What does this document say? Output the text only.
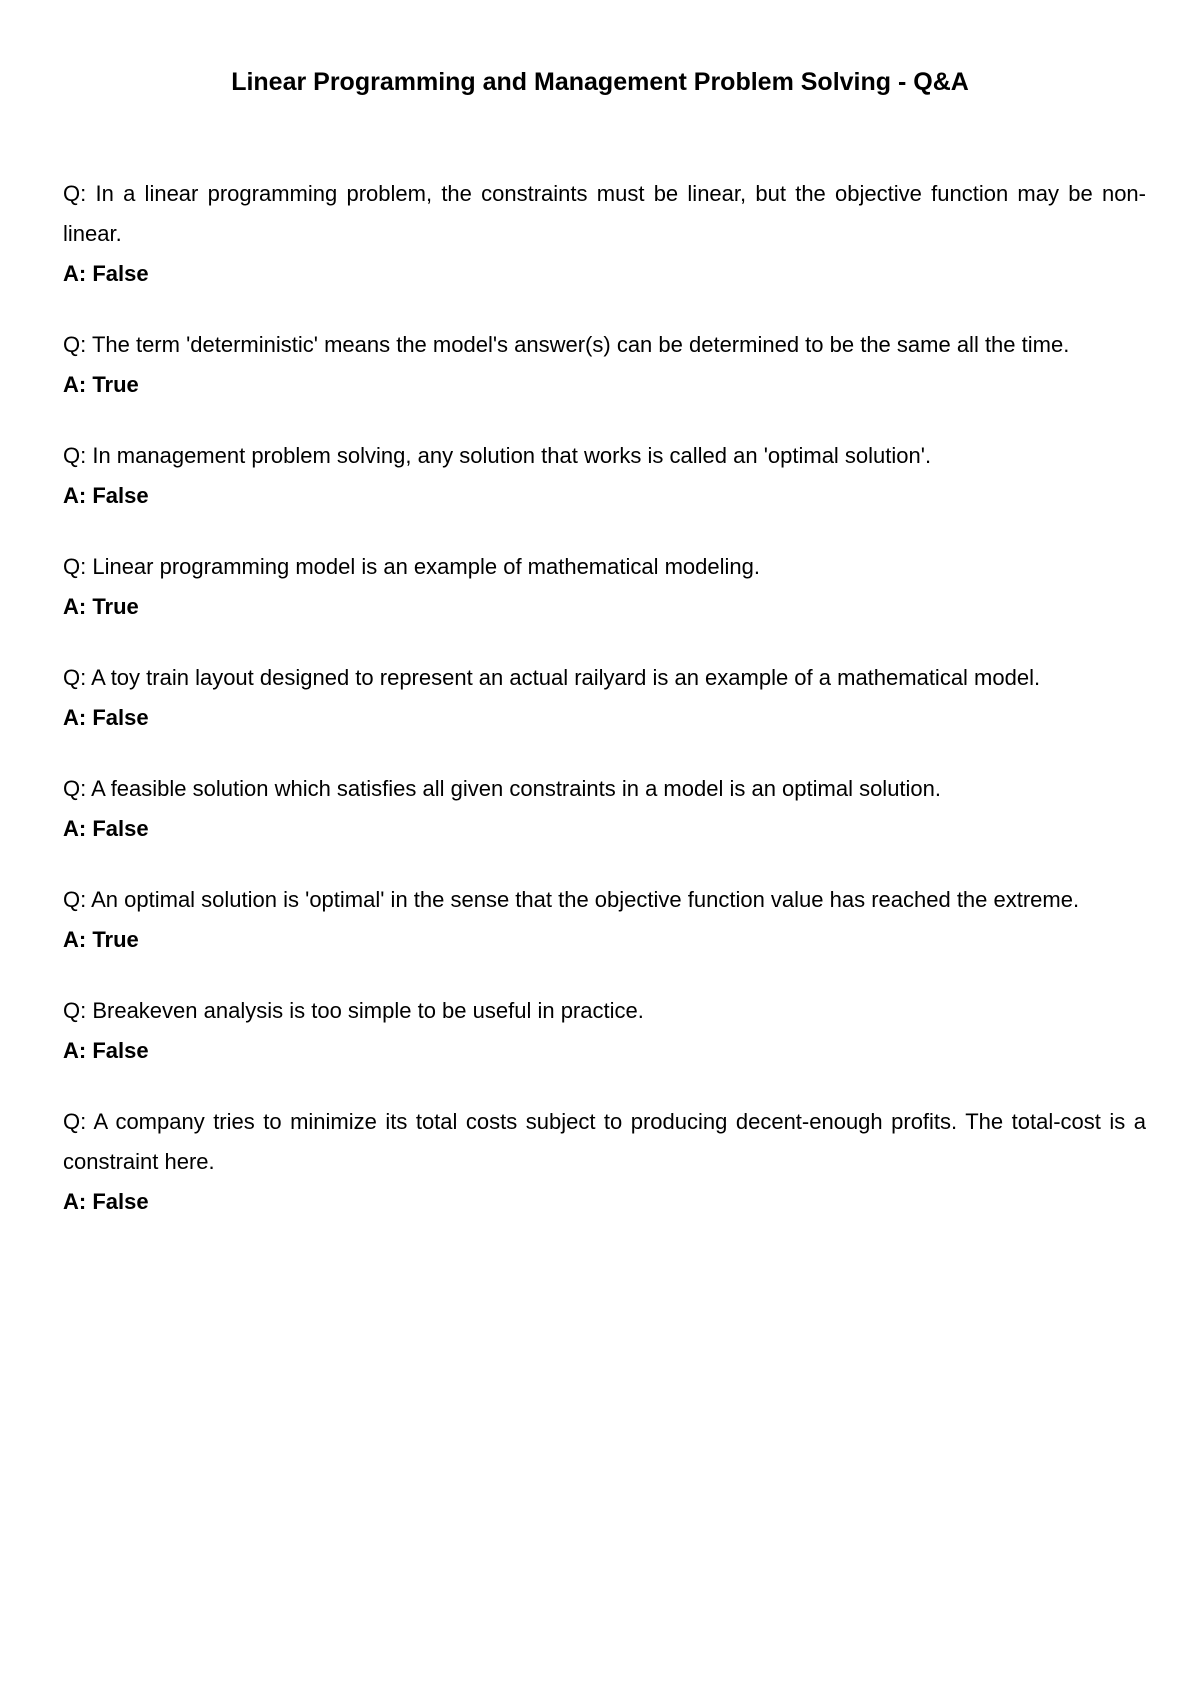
Linear Programming and Management Problem Solving - Q&A

Q: In a linear programming problem, the constraints must be linear, but the objective function may be non-linear.

A: False

Q: The term 'deterministic' means the model's answer(s) can be determined to be the same all the time.

A: True

Q: In management problem solving, any solution that works is called an 'optimal solution'.

A: False

Q: Linear programming model is an example of mathematical modeling.

A: True

Q: A toy train layout designed to represent an actual railyard is an example of a mathematical model.

A: False

Q: A feasible solution which satisfies all given constraints in a model is an optimal solution.

A: False

Q: An optimal solution is 'optimal' in the sense that the objective function value has reached the extreme.

A: True

Q: Breakeven analysis is too simple to be useful in practice.

A: False

Q: A company tries to minimize its total costs subject to producing decent-enough profits. The total-cost is a constraint here.

A: False
